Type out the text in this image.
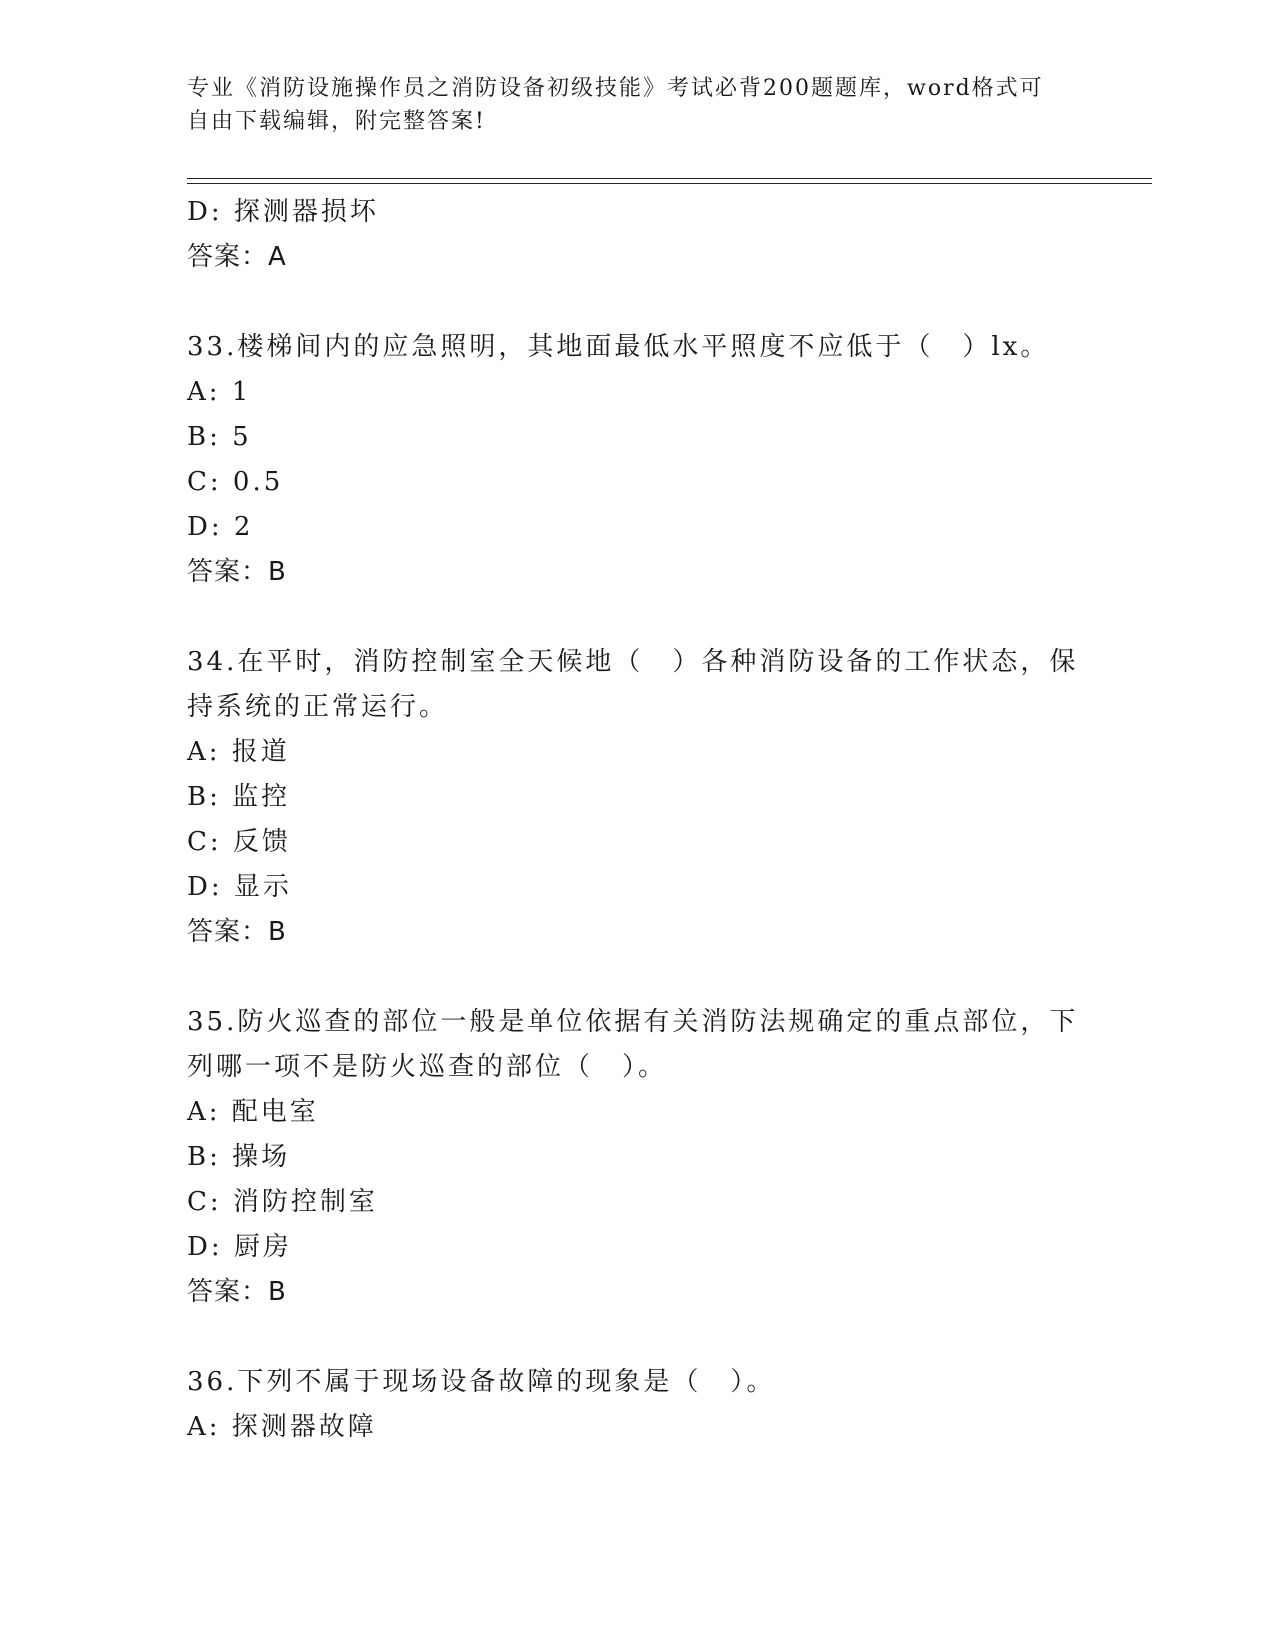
专业《消防设施操作员之消防设备初级技能》考试必背200题题库，word格式可
自由下载编辑，附完整答案!
D: 探测器损坏
答案：A
33.楼梯间内的应急照明，其地面最低水平照度不应低于（　）lx。
A: 1
B: 5
C: 0.5
D: 2
答案：B
34.在平时，消防控制室全天候地（　）各种消防设备的工作状态，保
持系统的正常运行。
A: 报道
B: 监控
C: 反馈
D: 显示
答案：B
35.防火巡查的部位一般是单位依据有关消防法规确定的重点部位，下
列哪一项不是防火巡查的部位（　）。
A: 配电室
B: 操场
C: 消防控制室
D: 厨房
答案：B
36.下列不属于现场设备故障的现象是（　）。
A: 探测器故障
